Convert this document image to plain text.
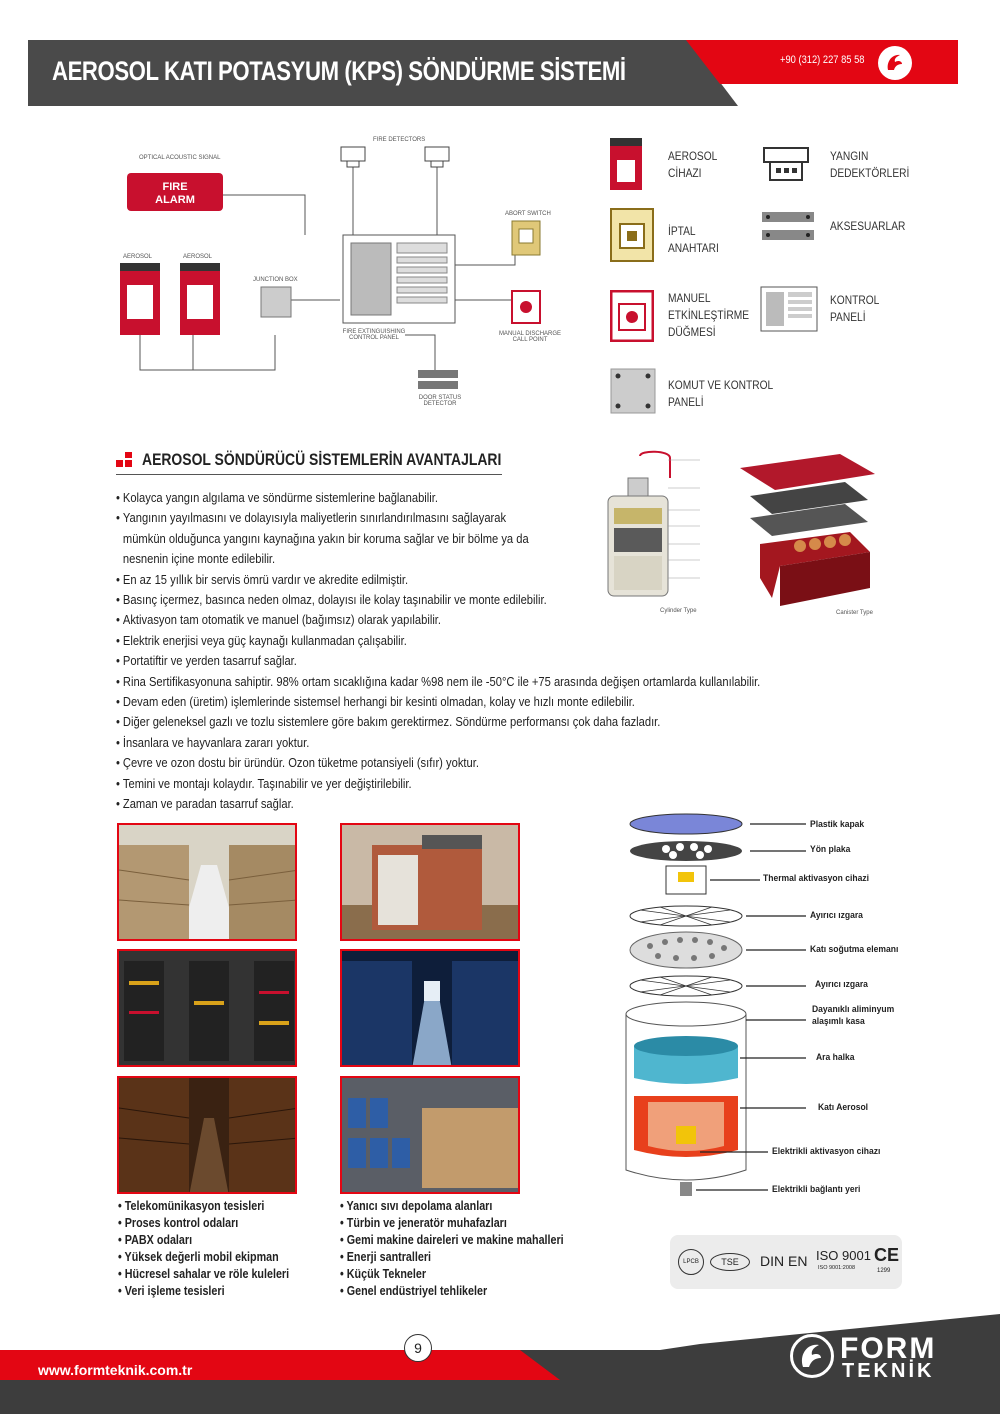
AEROSOL KATI POTASYUM (KPS) SÖNDÜRME SİSTEMİ	+90 (312) 227 85 58
FIRE DETECTORS
OPTICAL ACOUSTIC SIGNAL
FIRE ALARM
ABORT SWITCH
AEROSOL	AEROSOL
JUNCTION BOX
FIRE EXTINGUISHING CONTROL PANEL
MANUAL DISCHARGE CALL POINT
DOOR STATUS DETECTOR
AEROSOL
CİHAZI
YANGIN
DEDEKTÖRLERİ
İPTAL
ANAHTARI
AKSESUARLAR
MANUEL
ETKİNLEŞTİRME
DÜĞMESİ
KONTROL
PANELİ
KOMUT VE KONTROL
PANELİ
AEROSOL SÖNDÜRÜCÜ SİSTEMLERİN AVANTAJLARI
• Kolayca yangın algılama ve söndürme sistemlerine bağlanabilir.
• Yangının yayılmasını ve dolayısıyla maliyetlerin sınırlandırılmasını sağlayarak
mümkün olduğunca yangını kaynağına yakın bir koruma sağlar ve bir bölme ya da
nesnenin içine monte edilebilir.
• En az 15 yıllık bir servis ömrü vardır ve akredite edilmiştir.
• Basınç içermez, basınca neden olmaz, dolayısı ile kolay taşınabilir ve monte edilebilir.
• Aktivasyon tam otomatik ve manuel (bağımsız) olarak yapılabilir.
• Elektrik enerjisi veya güç kaynağı kullanmadan çalışabilir.
• Portatiftir ve yerden tasarruf sağlar.
• Rina Sertifikasyonuna sahiptir. 98% ortam sıcaklığına kadar %98 nem ile -50°C ile +75 arasında değişen ortamlarda kullanılabilir.
• Devam eden (üretim) işlemlerinde sistemsel herhangi bir kesinti olmadan, kolay ve hızlı monte edilebilir.
• Diğer geleneksel gazlı ve tozlu sistemlere göre bakım gerektirmez. Söndürme performansı çok daha fazladır.
• İnsanlara ve hayvanlara zararı yoktur.
• Çevre ve ozon dostu bir üründür. Ozon tüketme potansiyeli (sıfır) yoktur.
• Temini ve montajı kolaydır. Taşınabilir ve yer değiştirilebilir.
• Zaman ve paradan tasarruf sağlar.
Cylinder Type	Canister Type
• Telekomünikasyon tesisleri
• Proses kontrol odaları
• PABX odaları
• Yüksek değerli mobil ekipman
• Hücresel sahalar ve röle kuleleri
• Veri işleme tesisleri
• Yanıcı sıvı depolama alanları
• Türbin ve jeneratör muhafazları
• Gemi makine daireleri ve makine mahalleri
• Enerji santralleri
• Küçük Tekneler
• Genel endüstriyel tehlikeler
Plastik kapak
Yön plaka
Thermal aktivasyon cihazi
Ayırıcı ızgara
Katı soğutma elemanı
Ayırıcı ızgara
Dayanıklı aliminyum alaşımlı kasa
Ara halka
Katı Aerosol
Elektrikli aktivasyon cihazı
Elektrikli bağlantı yeri
LPCB	TSE	DIN EN ISO 9001
ISO 9001:2008
CE
1299
www.formteknik.com.tr
9	FORM
TEKNİK
